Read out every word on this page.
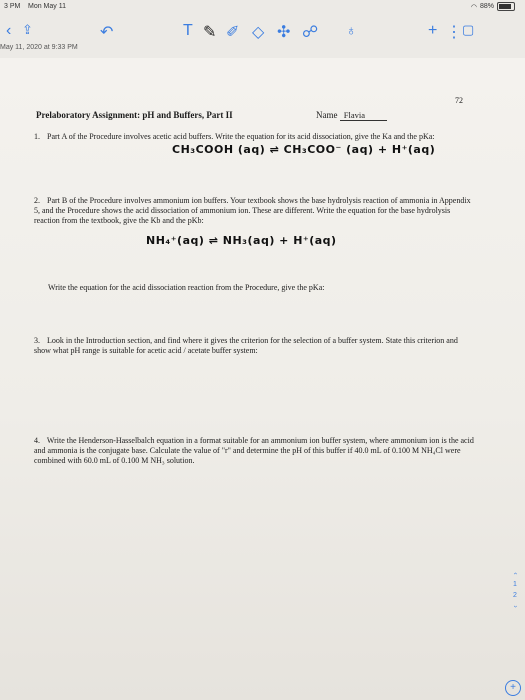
3 PM Mon May 11	◠ 88%
‹ ⇪	↶	T ✎ ✐ ◇ ✣ ☍ ♁	+ ⋮ ▢
May 11, 2020 at 9:33 PM
72
Prelaboratory Assignment: pH and Buffers, Part II	Name Flavia
1. Part A of the Procedure involves acetic acid buffers. Write the equation for its acid dissociation, give the Ka and the pKa:
CH₃COOH (aq) ⇌ CH₃COO⁻ (aq) + H⁺(aq)
2. Part B of the Procedure involves ammonium ion buffers. Your textbook shows the base hydrolysis reaction of ammonia in Appendix 5, and the Procedure shows the acid dissociation of ammonium ion. These are different. Write the equation for the base hydrolysis reaction from the textbook, give the Kb and the pKb:
NH₄⁺(aq) ⇌ NH₃(aq) + H⁺(aq)
Write the equation for the acid dissociation reaction from the Procedure, give the pKa:
3. Look in the Introduction section, and find where it gives the criterion for the selection of a buffer system. State this criterion and show what pH range is suitable for acetic acid / acetate buffer system:
4. Write the Henderson-Hasselbalch equation in a format suitable for an ammonium ion buffer system, where ammonium ion is the acid and ammonia is the conjugate base. Calculate the value of "r" and determine the pH of this buffer if 40.0 mL of 0.100 M NH₄Cl were combined with 60.0 mL of 0.100 M NH₃ solution.
‹
1
2
›
+
